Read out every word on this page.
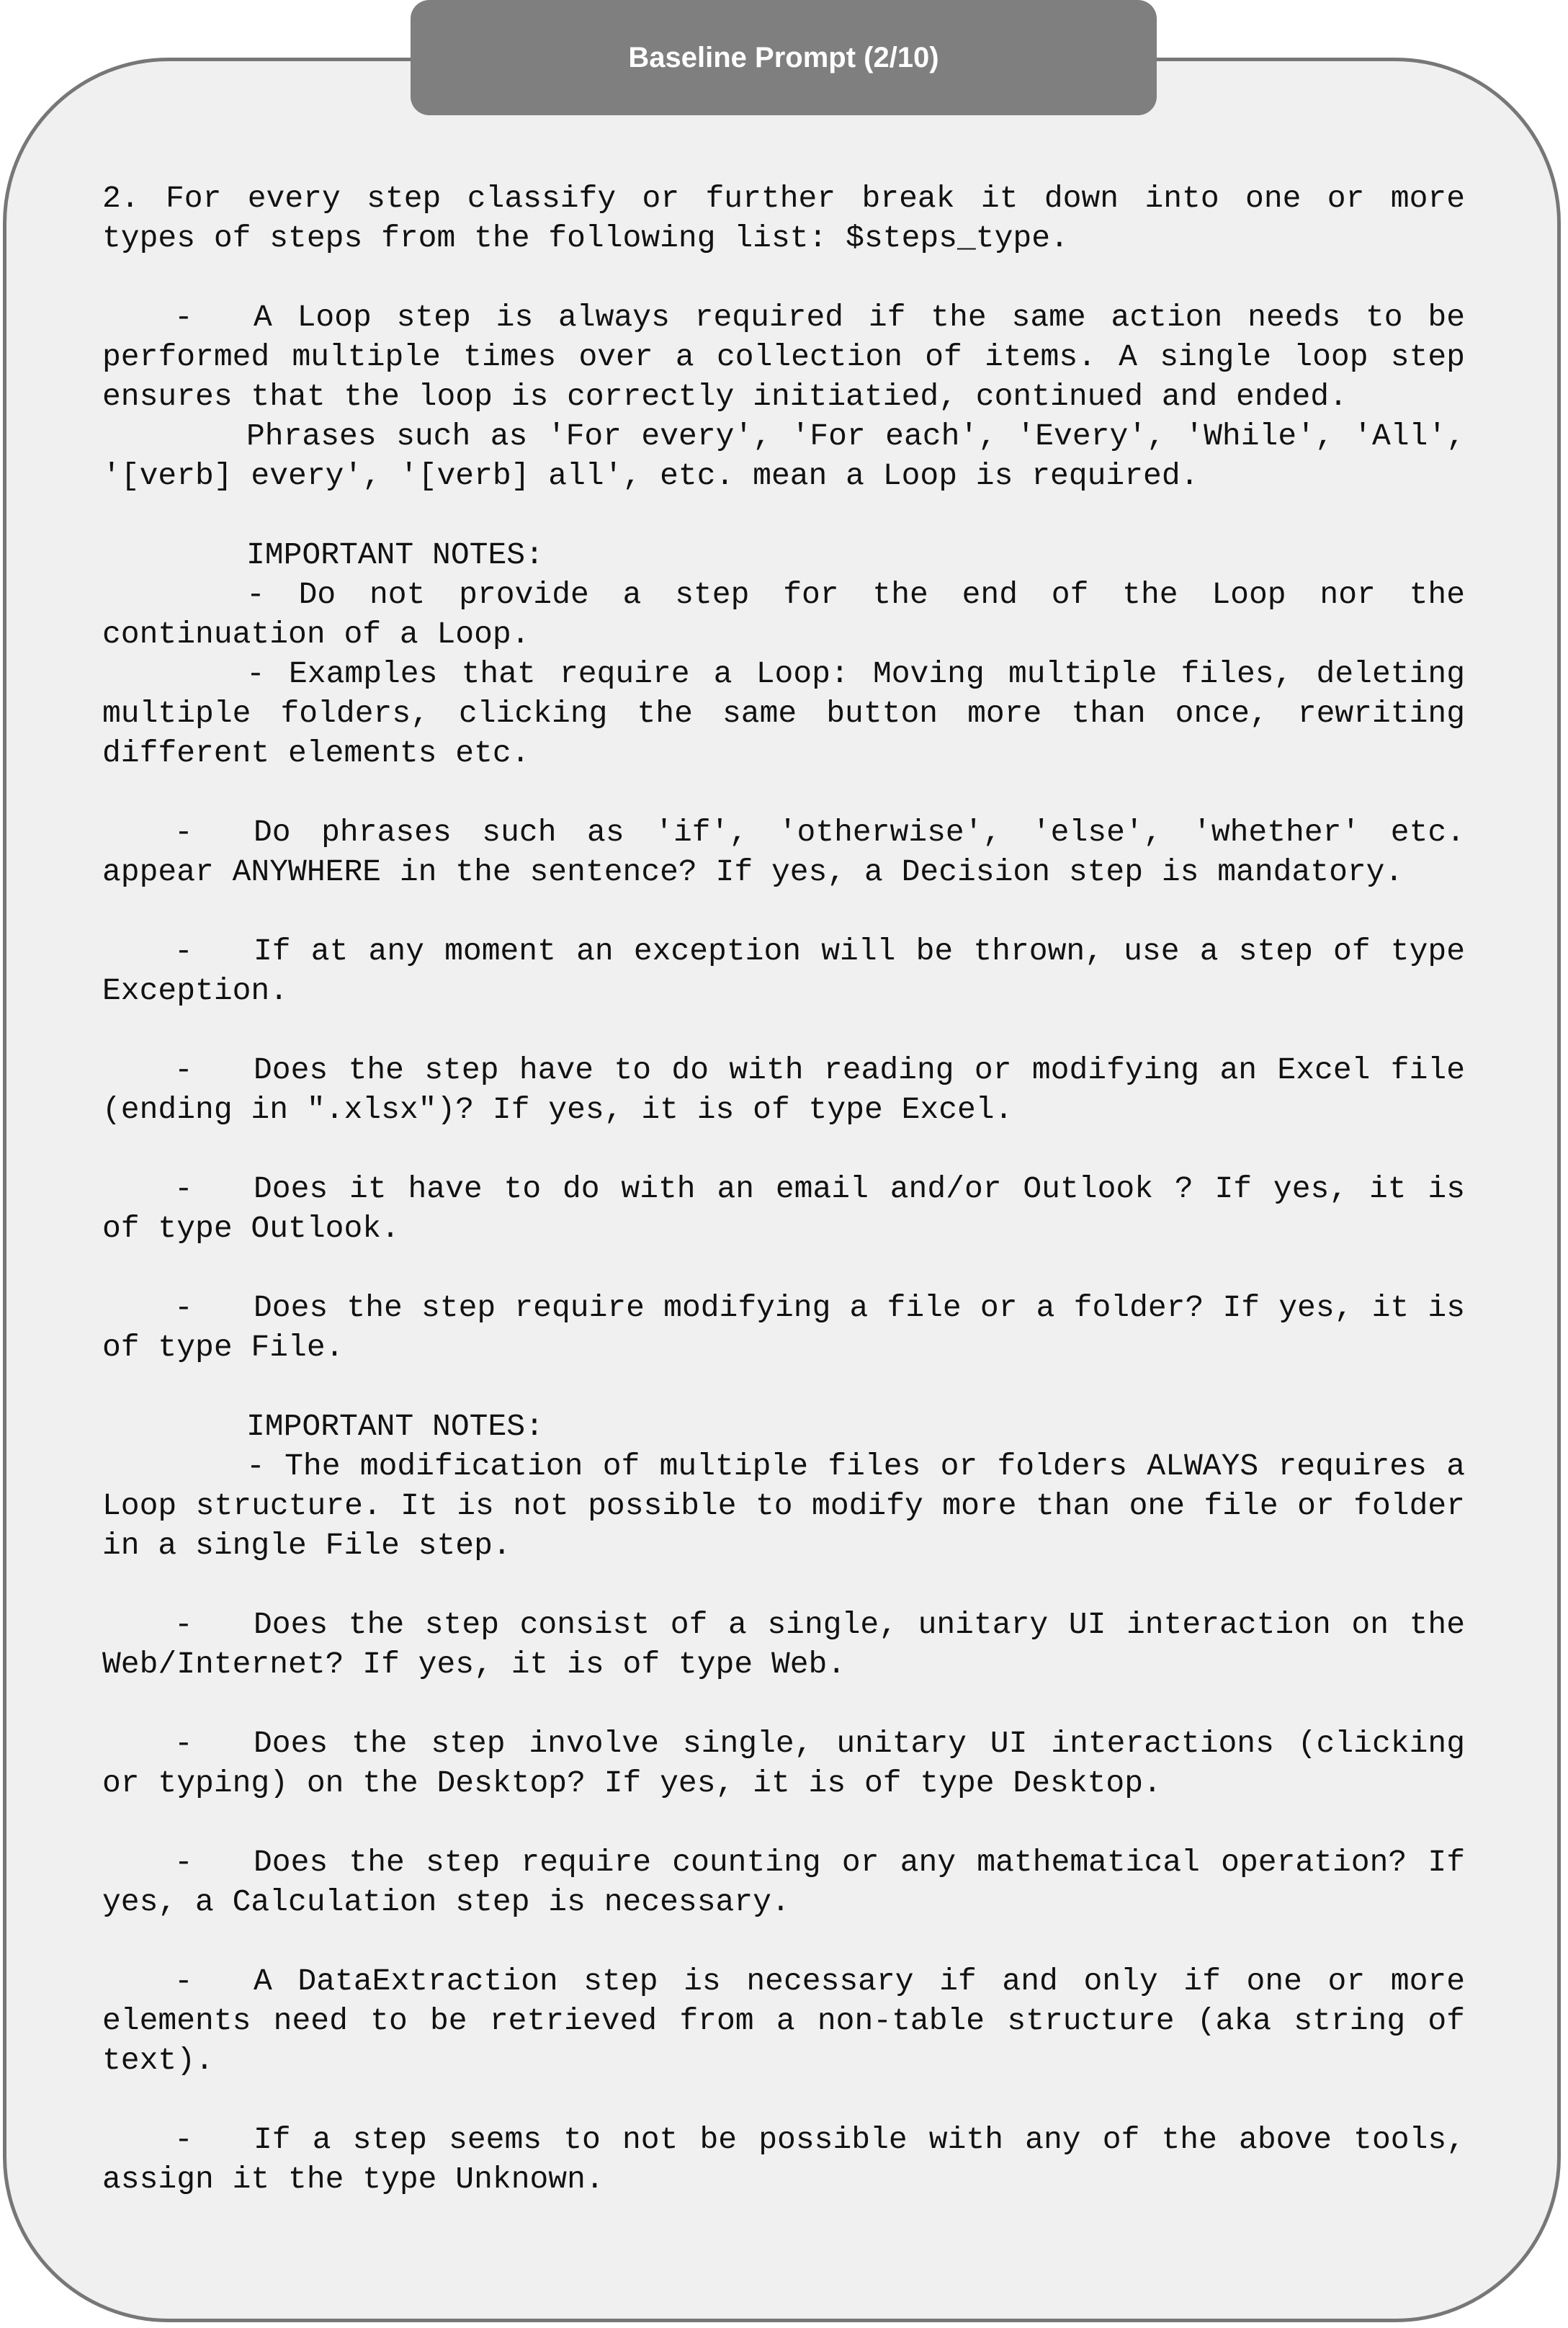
Baseline Prompt (2/10)

2. For every step classify or further break it down into one or more types of steps from the following list: $steps_type.

- A Loop step is always required if the same action needs to be performed multiple times over a collection of items. A single loop step ensures that the loop is correctly initiatied, continued and ended.

Phrases such as 'For every', 'For each', 'Every', 'While', 'All', '[verb] every', '[verb] all', etc. mean a Loop is required.

IMPORTANT NOTES:

- Do not provide a step for the end of the Loop nor the continuation of a Loop.

- Examples that require a Loop: Moving multiple files, deleting multiple folders, clicking the same button more than once, rewriting different elements etc.

- Do phrases such as 'if', 'otherwise', 'else', 'whether' etc. appear ANYWHERE in the sentence? If yes, a Decision step is mandatory.

- If at any moment an exception will be thrown, use a step of type Exception.

- Does the step have to do with reading or modifying an Excel file (ending in ".xlsx")? If yes, it is of type Excel.

- Does it have to do with an email and/or Outlook ? If yes, it is of type Outlook.

- Does the step require modifying a file or a folder? If yes, it is of type File.

IMPORTANT NOTES:

- The modification of multiple files or folders ALWAYS requires a Loop structure. It is not possible to modify more than one file or folder in a single File step.

- Does the step consist of a single, unitary UI interaction on the Web/Internet? If yes, it is of type Web.

- Does the step involve single, unitary UI interactions (clicking or typing) on the Desktop? If yes, it is of type Desktop.

- Does the step require counting or any mathematical operation? If yes, a Calculation step is necessary.

- A DataExtraction step is necessary if and only if one or more elements need to be retrieved from a non-table structure (aka string of text).

- If a step seems to not be possible with any of the above tools, assign it the type Unknown.
